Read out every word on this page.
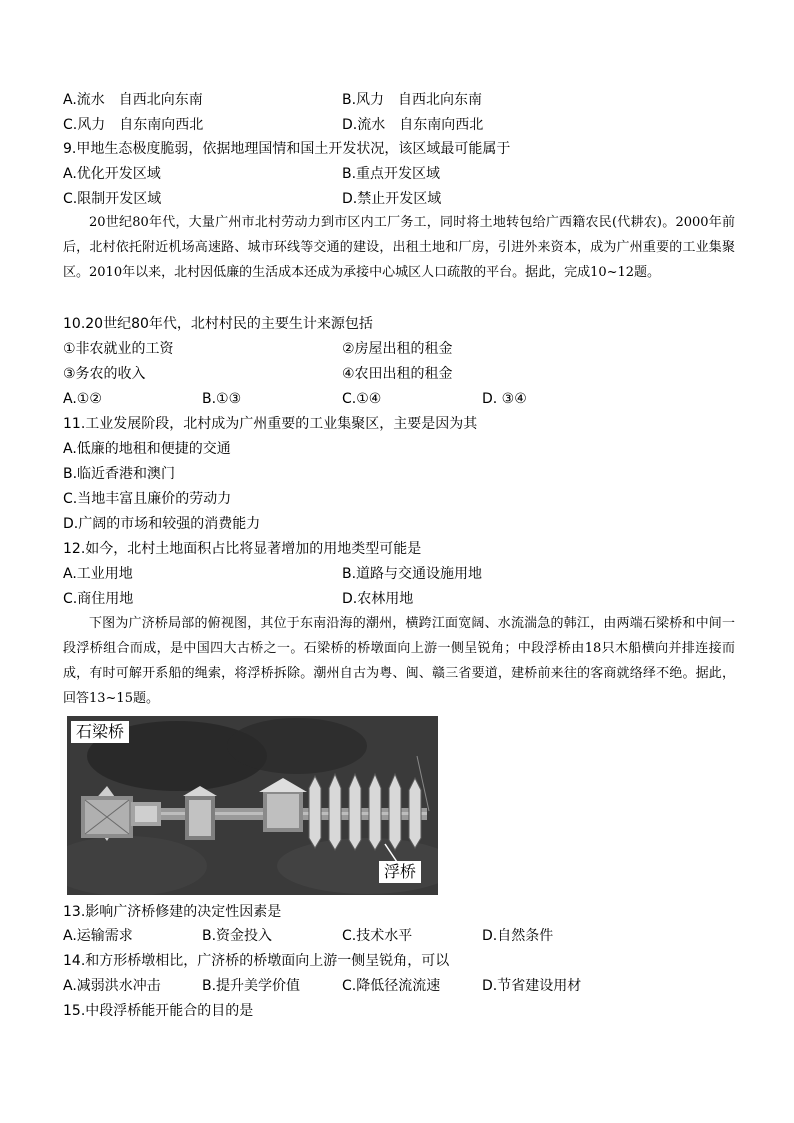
A.流水　自西北向东南	B.风力　自西北向东南
C.风力　自东南向西北	D.流水　自东南向西北
9.甲地生态极度脆弱，依据地理国情和国土开发状况，该区域最可能属于
A.优化开发区域	B.重点开发区域
C.限制开发区域	D.禁止开发区域
20世纪80年代，大量广州市北村劳动力到市区内工厂务工，同时将土地转包给广西籍农民(代耕农)。2000年前后，北村依托附近机场高速路、城市环线等交通的建设，出租土地和厂房，引进外来资本，成为广州重要的工业集聚区。2010年以来，北村因低廉的生活成本还成为承接中心城区人口疏散的平台。据此，完成10~12题。
10.20世纪80年代，北村村民的主要生计来源包括
①非农就业的工资	②房屋出租的租金
③务农的收入	④农田出租的租金
A.①②	B.①③	C.①④	D. ③④
11.工业发展阶段，北村成为广州重要的工业集聚区，主要是因为其
A.低廉的地租和便捷的交通
B.临近香港和澳门
C.当地丰富且廉价的劳动力
D.广阔的市场和较强的消费能力
12.如今，北村土地面积占比将显著增加的用地类型可能是
A.工业用地	B.道路与交通设施用地
C.商住用地	D.农林用地
下图为广济桥局部的俯视图，其位于东南沿海的潮州，横跨江面宽阔、水流湍急的韩江，由两端石梁桥和中间一段浮桥组合而成，是中国四大古桥之一。石梁桥的桥墩面向上游一侧呈锐角；中段浮桥由18只木船横向并排连接而成，有时可解开系船的绳索，将浮桥拆除。潮州自古为粤、闽、赣三省要道，建桥前来往的客商就络绎不绝。据此，回答13~15题。
石梁桥
浮桥
13.影响广济桥修建的决定性因素是
A.运输需求	B.资金投入	C.技术水平	D.自然条件
14.和方形桥墩相比，广济桥的桥墩面向上游一侧呈锐角，可以
A.减弱洪水冲击	B.提升美学价值	C.降低径流流速	D.节省建设用材
15.中段浮桥能开能合的目的是
